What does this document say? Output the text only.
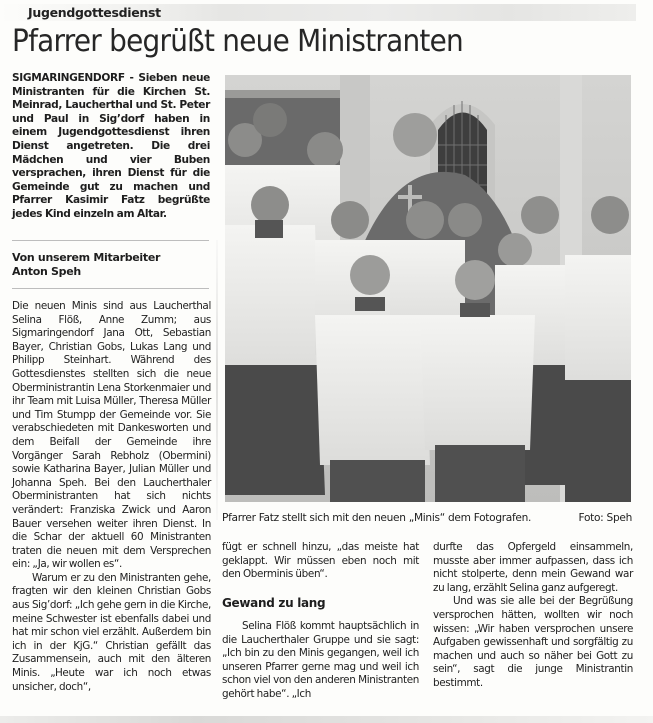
Jugendgottesdienst
Pfarrer begrüßt neue Ministranten

SIGMARINGENDORF - Sieben neue Ministranten für die Kirchen St. Meinrad, Laucherthal und St. Peter und Paul in Sig’dorf haben in einem Jugendgottesdienst ihren Dienst angetreten. Die drei Mädchen und vier Buben versprachen, ihren Dienst für die Gemeinde gut zu machen und Pfarrer Kasimir Fatz begrüßte jedes Kind einzeln am Altar.

Von unserem Mitarbeiter
Anton Speh

Die neuen Minis sind aus Laucherthal Selina Flöß, Anne Zumm; aus Sigmaringendorf Jana Ott, Sebastian Bayer, Christian Gobs, Lukas Lang und Philipp Steinhart. Während des Gottesdienstes stellten sich die neue Oberministrantin Lena Storkenmaier und ihr Team mit Luisa Müller, Theresa Müller und Tim Stumpp der Gemeinde vor. Sie verabschiedeten mit Dankesworten und dem Beifall der Gemeinde ihre Vorgänger Sarah Rebholz (Obermini) sowie Katharina Bayer, Julian Müller und Johanna Speh. Bei den Laucherthaler Oberministranten hat sich nichts verändert: Franziska Zwick und Aaron Bauer versehen weiter ihren Dienst. In die Schar der aktuell 60 Ministranten traten die neuen mit dem Versprechen ein: „Ja, wir wollen es“.

Warum er zu den Ministranten gehe, fragten wir den kleinen Christian Gobs aus Sig’dorf: „Ich gehe gern in die Kirche, meine Schwester ist ebenfalls dabei und hat mir schon viel erzählt. Außerdem bin ich in der KjG.“ Christian gefällt das Zusammensein, auch mit den älteren Minis. „Heute war ich noch etwas unsicher, doch“,

Pfarrer Fatz stellt sich mit den neuen „Minis“ dem Fotografen.	Foto: Speh

fügt er schnell hinzu, „das meiste hat geklappt. Wir müssen eben noch mit den Oberminis üben“.

Gewand zu lang

Selina Flöß kommt hauptsächlich in die Laucherthaler Gruppe und sie sagt: „Ich bin zu den Minis gegangen, weil ich unseren Pfarrer gerne mag und weil ich schon viel von den anderen Ministranten gehört habe“. „Ich

durfte das Opfergeld einsammeln, musste aber immer aufpassen, dass ich nicht stolperte, denn mein Gewand war zu lang, erzählt Selina ganz aufgeregt.

Und was sie alle bei der Begrüßung versprochen hätten, wollten wir noch wissen: „Wir haben versprochen unsere Aufgaben gewissenhaft und sorgfältig zu machen und auch so näher bei Gott zu sein“, sagt die junge Ministrantin bestimmt.
